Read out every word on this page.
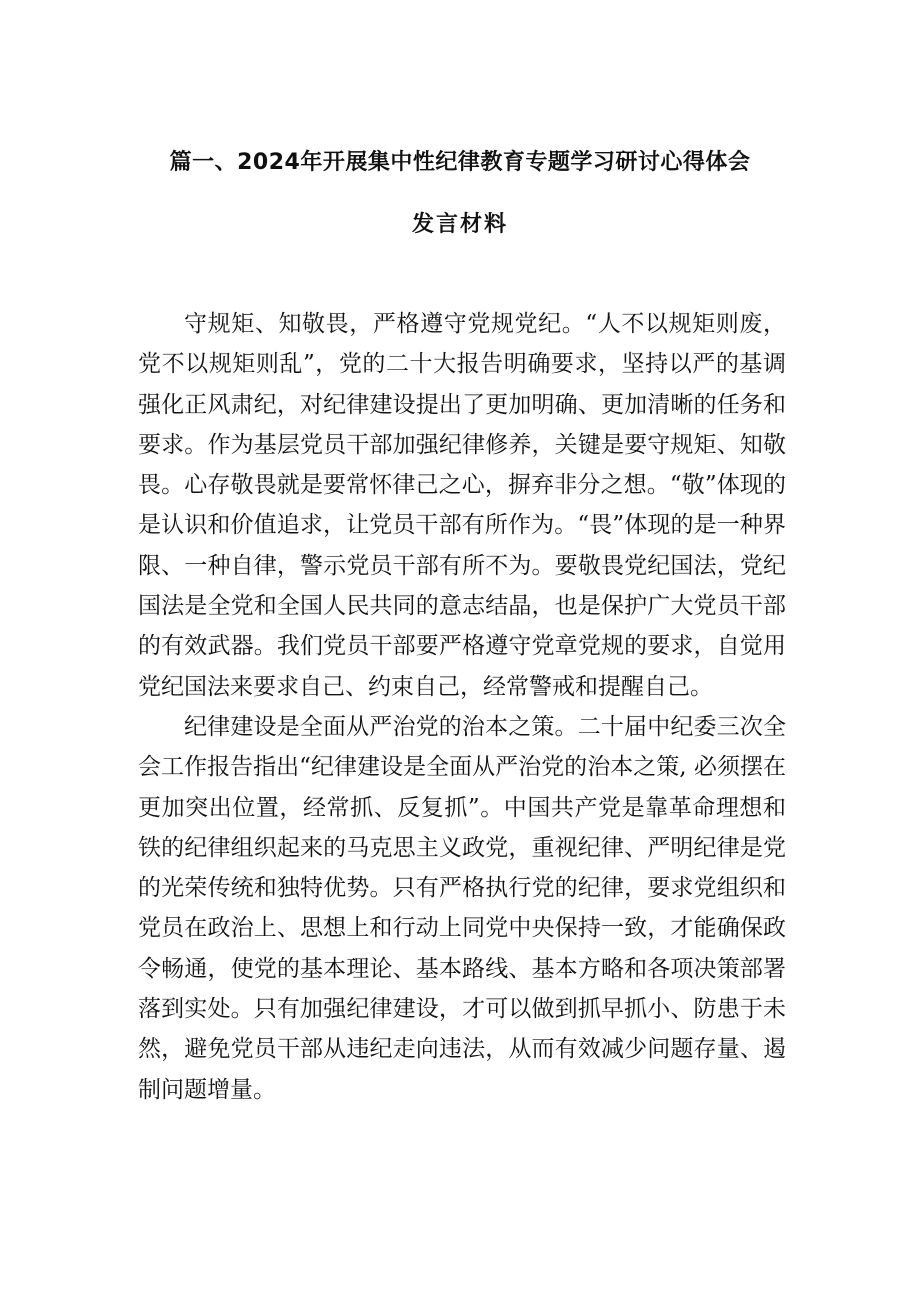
篇一、2024年开展集中性纪律教育专题学习研讨心得体会
发言材料

守规矩、知敬畏，严格遵守党规党纪。“人不以规矩则废，党不以规矩则乱”，党的二十大报告明确要求，坚持以严的基调强化正风肃纪，对纪律建设提出了更加明确、更加清晰的任务和要求。作为基层党员干部加强纪律修养，关键是要守规矩、知敬畏。心存敬畏就是要常怀律己之心，摒弃非分之想。“敬”体现的是认识和价值追求，让党员干部有所作为。“畏”体现的是一种界限、一种自律，警示党员干部有所不为。要敬畏党纪国法，党纪国法是全党和全国人民共同的意志结晶，也是保护广大党员干部的有效武器。我们党员干部要严格遵守党章党规的要求，自觉用党纪国法来要求自己、约束自己，经常警戒和提醒自己。

纪律建设是全面从严治党的治本之策。二十届中纪委三次全会工作报告指出“纪律建设是全面从严治党的治本之策, 必须摆在更加突出位置，经常抓、反复抓”。中国共产党是靠革命理想和铁的纪律组织起来的马克思主义政党，重视纪律、严明纪律是党的光荣传统和独特优势。只有严格执行党的纪律，要求党组织和党员在政治上、思想上和行动上同党中央保持一致，才能确保政令畅通，使党的基本理论、基本路线、基本方略和各项决策部署落到实处。只有加强纪律建设，才可以做到抓早抓小、防患于未然，避免党员干部从违纪走向违法，从而有效减少问题存量、遏制问题增量。
